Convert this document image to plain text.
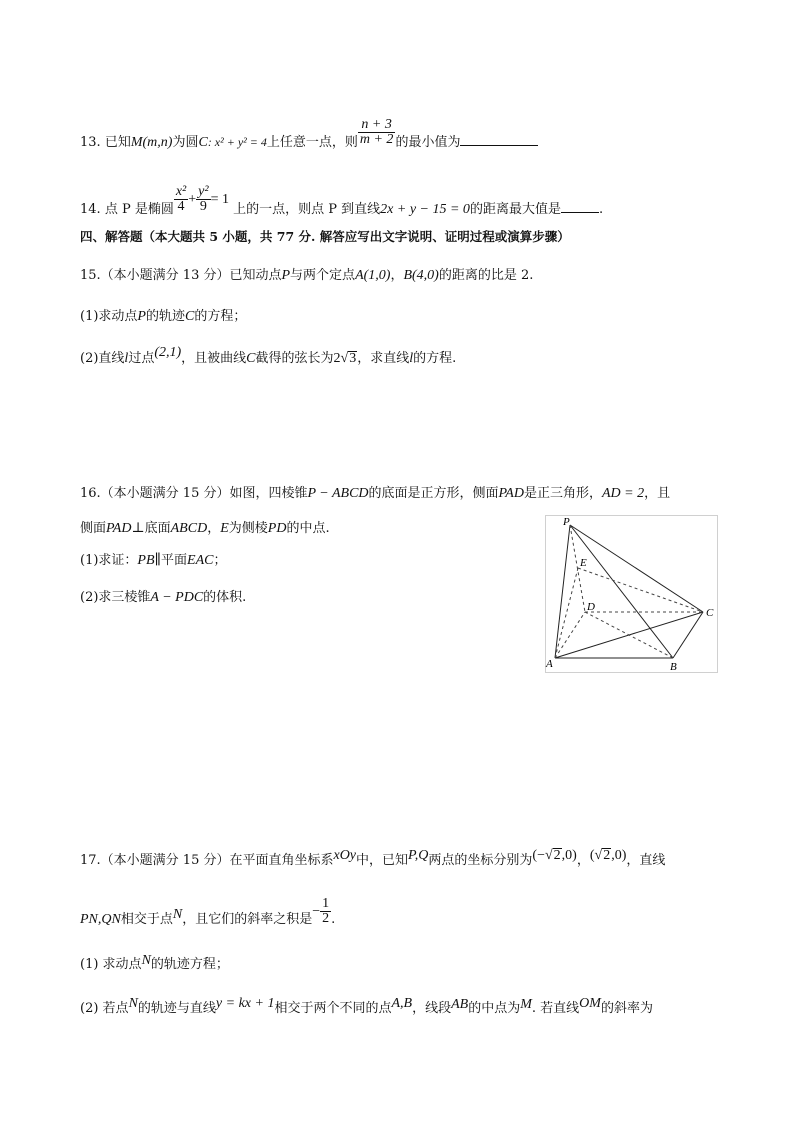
13. 已知M(m,n)为圆C: x² + y² = 4上任意一点，则 $\frac{n + 3}{m + 2}$ 的最小值为
14. 点 P 是椭圆 $\frac{\text{x²}}{4} + \frac{\text{y²}}{9} = 1$ 上的一点，则点 P 到直线2x + y − 15 = 0的距离最大值是	.
四、解答题（本大题共 5 小题，共 77 分. 解答应写出文字说明、证明过程或演算步骤）
15.（本小题满分 13 分）已知动点P与两个定点A(1,0)，B(4,0)的距离的比是 2.
(1)求动点P的轨迹C的方程；
(2)直线l过点(2,1)，且被曲线C截得的弦长为2√3，求直线l的方程.
16.（本小题满分 15 分）如图，四棱锥P − ABCD的底面是正方形，侧面PAD是正三角形，AD = 2，且
侧面PAD⊥底面ABCD，E为侧棱PD的中点.
(1)求证：PB∥平面EAC；
(2)求三棱锥A − PDC的体积.
P
E
D	C
A	B
17.（本小题满分 15 分）在平面直角坐标系xOy中，已知P,Q两点的坐标分别为(−√2,0)，(√2,0)，直线
PN,QN相交于点N，且它们的斜率之积是− $\frac{1}{2}$ .
(1) 求动点N的轨迹方程；
(2) 若点N的轨迹与直线y = kx + 1相交于两个不同的点A,B，线段AB的中点为M. 若直线OM的斜率为
